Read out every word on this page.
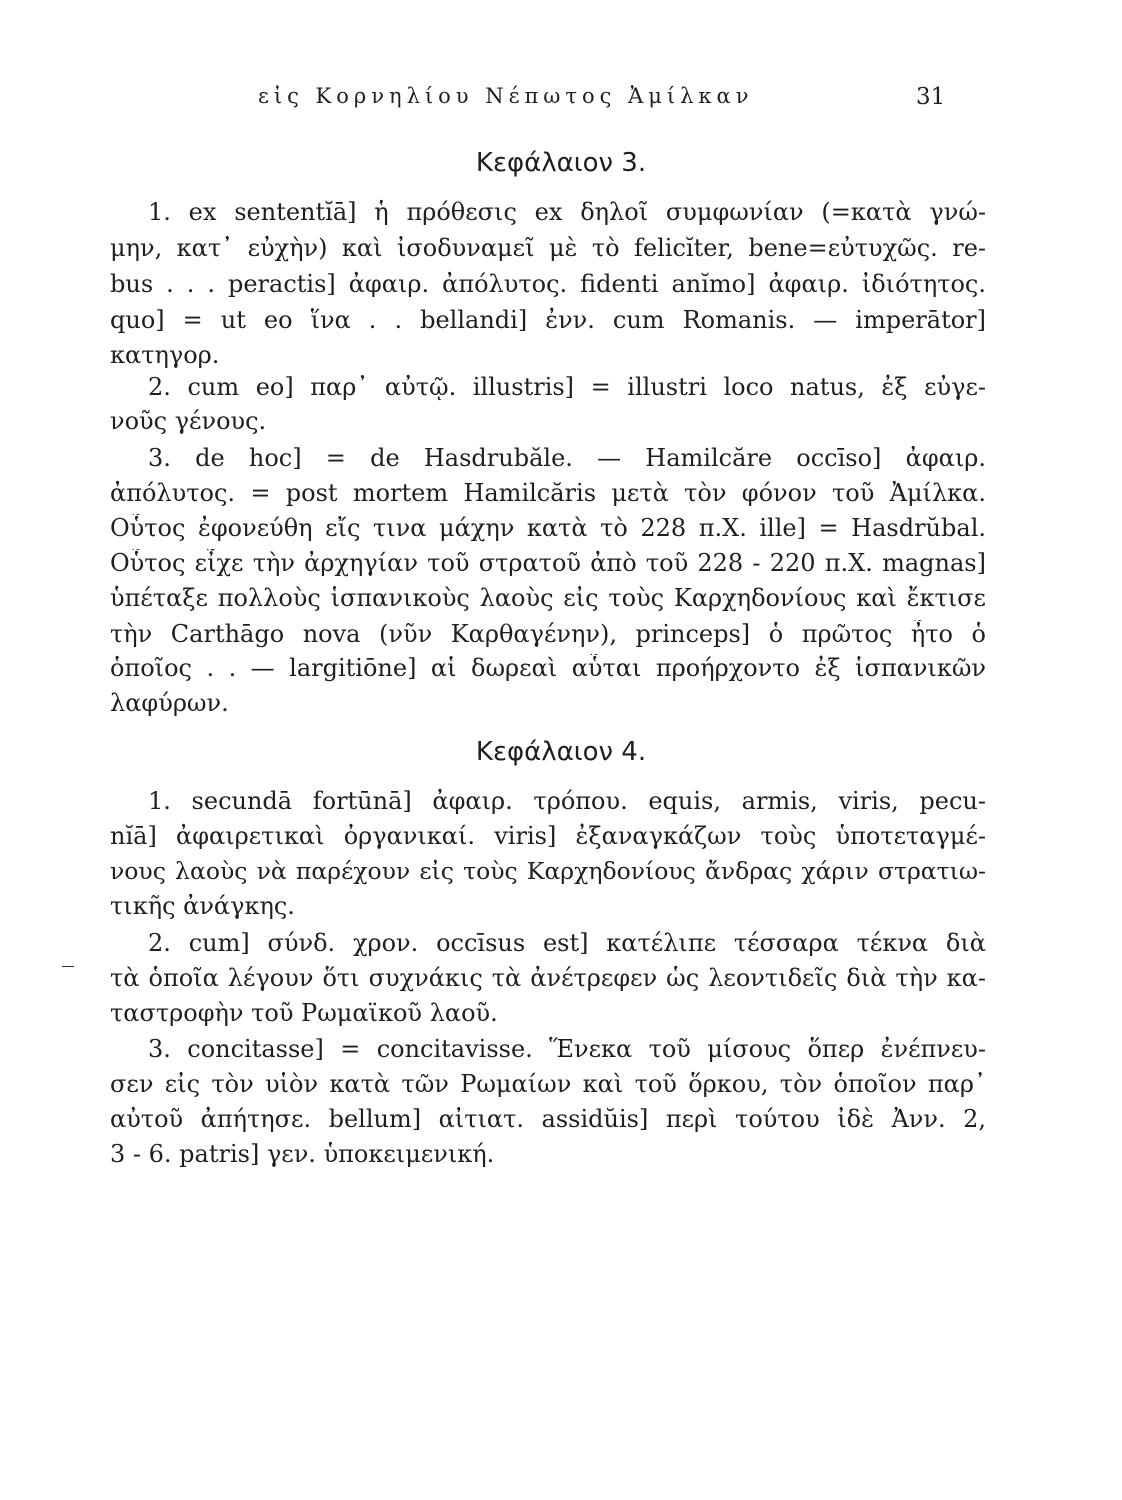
εἰς Κορνηλίου Νέπωτος Ἀμίλκαν	31
Κεφάλαιον 3.
1. ex sententĭā] ἡ πρόθεσις ex δηλοῖ συμφωνίαν (=κατὰ γνώ-
μην, κατ᾽ εὐχὴν) καὶ ἰσοδυναμεῖ μὲ τὸ felicĭter, bene=εὐτυχῶς. re-
bus . . . peractis] ἀφαιρ. ἀπόλυτος. fidenti anĭmo] ἀφαιρ. ἰδιότητος.
quo] = ut eo ἵνα . . bellandi] ἐνν. cum Romanis. — imperātor]
κατηγορ.
2. cum eo] παρ᾽ αὐτῷ. illustris] = illustri loco natus, ἐξ εὐγε-
νοῦς γένους.
3. de hoc] = de Hasdrubăle. — Hamilcăre occīso] ἀφαιρ.
ἀπόλυτος. = post mortem Hamilcăris μετὰ τὸν φόνον τοῦ Ἀμίλκα.
Οὗτος ἐφονεύθη εἴς τινα μάχην κατὰ τὸ 228 π.Χ. ille] = Hasdrŭbal.
Οὗτος εἶχε τὴν ἀρχηγίαν τοῦ στρατοῦ ἀπὸ τοῦ 228 - 220 π.Χ. magnas]
ὑπέταξε πολλοὺς ἱσπανικοὺς λαοὺς εἰς τοὺς Καρχηδονίους καὶ ἔκτισε
τὴν Carthāgo nova (νῦν Καρθαγένην), princeps] ὁ πρῶτος ἦτο ὁ
ὁποῖος . . — largitiōne] αἱ δωρεαὶ αὗται προήρχοντο ἐξ ἱσπανικῶν
λαφύρων.
Κεφάλαιον 4.
1. secundā fortūnā] ἀφαιρ. τρόπου. equis, armis, viris, pecu-
nĭā] ἀφαιρετικαὶ ὀργανικαί. viris] ἐξαναγκάζων τοὺς ὑποτεταγμέ-
νους λαοὺς νὰ παρέχουν εἰς τοὺς Καρχηδονίους ἄνδρας χάριν στρατιω-
τικῆς ἀνάγκης.
2. cum] σύνδ. χρον. occīsus est] κατέλιπε τέσσαρα τέκνα διὰ
τὰ ὁποῖα λέγουν ὅτι συχνάκις τὰ ἀνέτρεφεν ὡς λεοντιδεῖς διὰ τὴν κα-
ταστροφὴν τοῦ Ρωμαϊκοῦ λαοῦ.
3. concitasse] = concitavisse. Ἕνεκα τοῦ μίσους ὅπερ ἐνέπνευ-
σεν εἰς τὸν υἱὸν κατὰ τῶν Ρωμαίων καὶ τοῦ ὅρκου, τὸν ὁποῖον παρ᾽
αὐτοῦ ἀπήτησε. bellum] αἰτιατ. assidŭis] περὶ τούτου ἰδὲ Ἀνν. 2,
3 - 6. patris] γεν. ὑποκειμενική.
